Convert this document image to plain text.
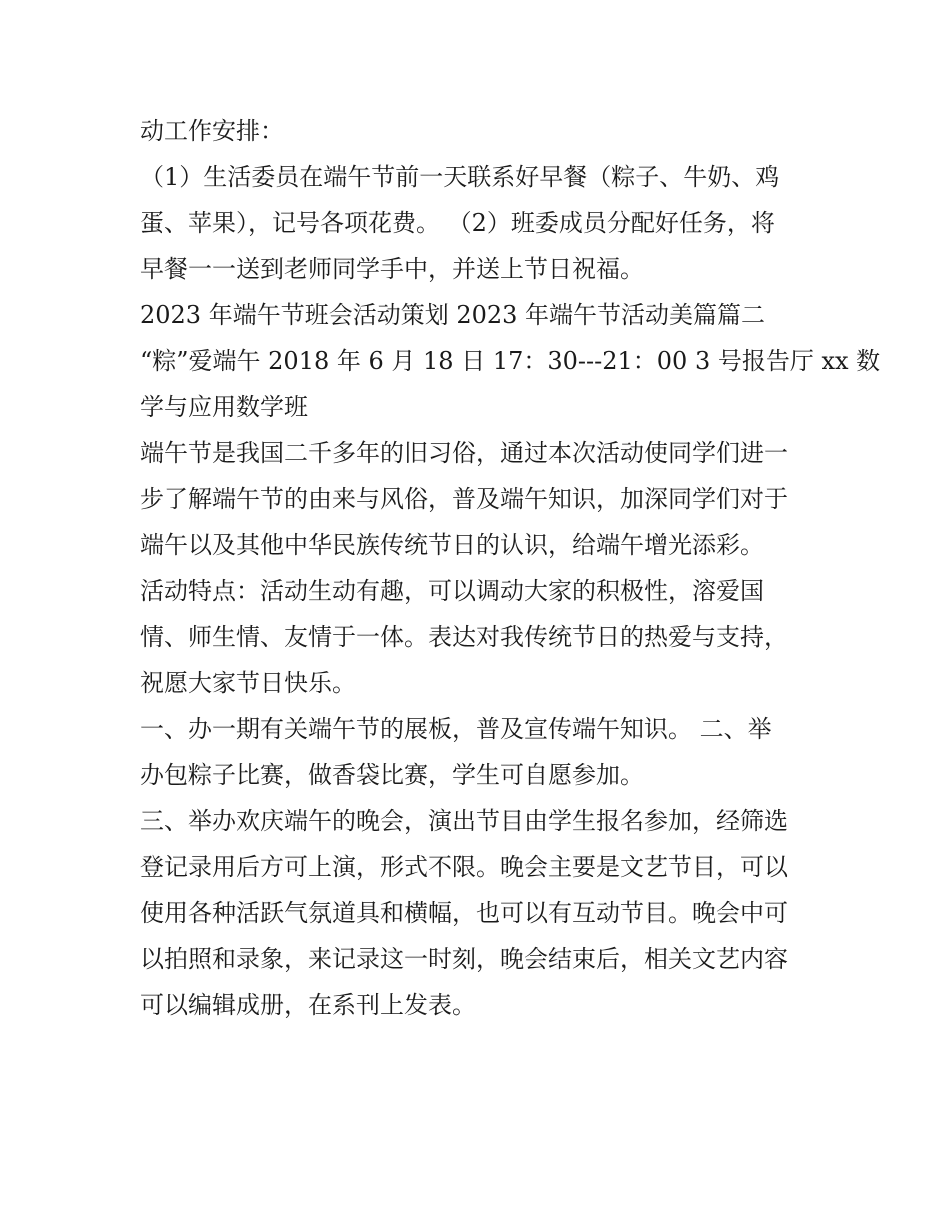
动工作安排：
（1）生活委员在端午节前一天联系好早餐（粽子、牛奶、鸡
蛋、苹果），记号各项花费。 （2）班委成员分配好任务，将
早餐一一送到老师同学手中，并送上节日祝福。
2023 年端午节班会活动策划 2023 年端午节活动美篇篇二
“粽”爱端午 2018 年 6 月 18 日 17：30---21：00 3 号报告厅 xx 数
学与应用数学班
端午节是我国二千多年的旧习俗，通过本次活动使同学们进一
步了解端午节的由来与风俗，普及端午知识，加深同学们对于
端午以及其他中华民族传统节日的认识，给端午增光添彩。
活动特点：活动生动有趣，可以调动大家的积极性，溶爱国
情、师生情、友情于一体。表达对我传统节日的热爱与支持，
祝愿大家节日快乐。
一、办一期有关端午节的展板，普及宣传端午知识。 二、举
办包粽子比赛，做香袋比赛，学生可自愿参加。
三、举办欢庆端午的晚会，演出节目由学生报名参加，经筛选
登记录用后方可上演，形式不限。晚会主要是文艺节目，可以
使用各种活跃气氛道具和横幅，也可以有互动节目。晚会中可
以拍照和录象，来记录这一时刻，晚会结束后，相关文艺内容
可以编辑成册，在系刊上发表。
